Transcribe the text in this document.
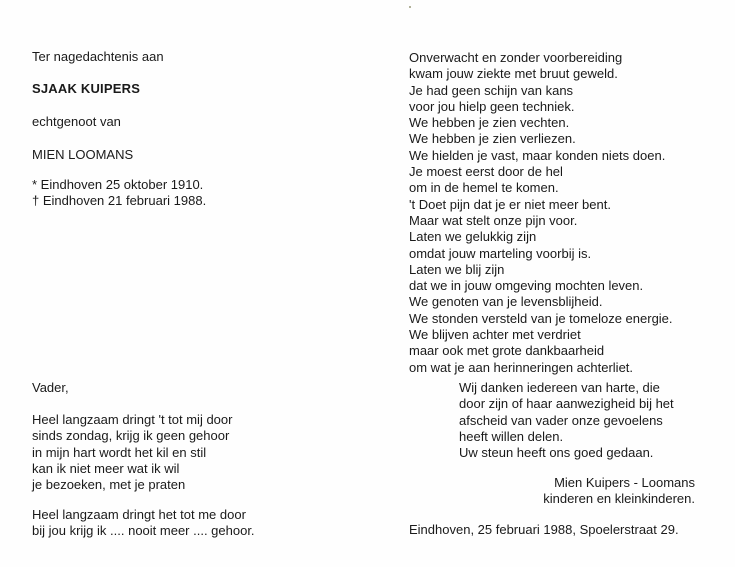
Ter nagedachtenis aan
SJAAK KUIPERS
echtgenoot van
MIEN LOOMANS
* Eindhoven 25 oktober 1910.
† Eindhoven 21 februari 1988.
Vader,
Heel langzaam dringt 't tot mij door
sinds zondag, krijg ik geen gehoor
in mijn hart wordt het kil en stil
kan ik niet meer wat ik wil
je bezoeken, met je praten
Heel langzaam dringt het tot me door
bij jou krijg ik .... nooit meer .... gehoor.
Onverwacht en zonder voorbereiding
kwam jouw ziekte met bruut geweld.
Je had geen schijn van kans
voor jou hielp geen techniek.
We hebben je zien vechten.
We hebben je zien verliezen.
We hielden je vast, maar konden niets doen.
Je moest eerst door de hel
om in de hemel te komen.
't Doet pijn dat je er niet meer bent.
Maar wat stelt onze pijn voor.
Laten we gelukkig zijn
omdat jouw marteling voorbij is.
Laten we blij zijn
dat we in jouw omgeving mochten leven.
We genoten van je levensblijheid.
We stonden versteld van je tomeloze energie.
We blijven achter met verdriet
maar ook met grote dankbaarheid
om wat je aan herinneringen achterliet.
Wij danken iedereen van harte, die
door zijn of haar aanwezigheid bij het
afscheid van vader onze gevoelens
heeft willen delen.
Uw steun heeft ons goed gedaan.
Mien Kuipers - Loomans
kinderen en kleinkinderen.
Eindhoven, 25 februari 1988, Spoelerstraat 29.
